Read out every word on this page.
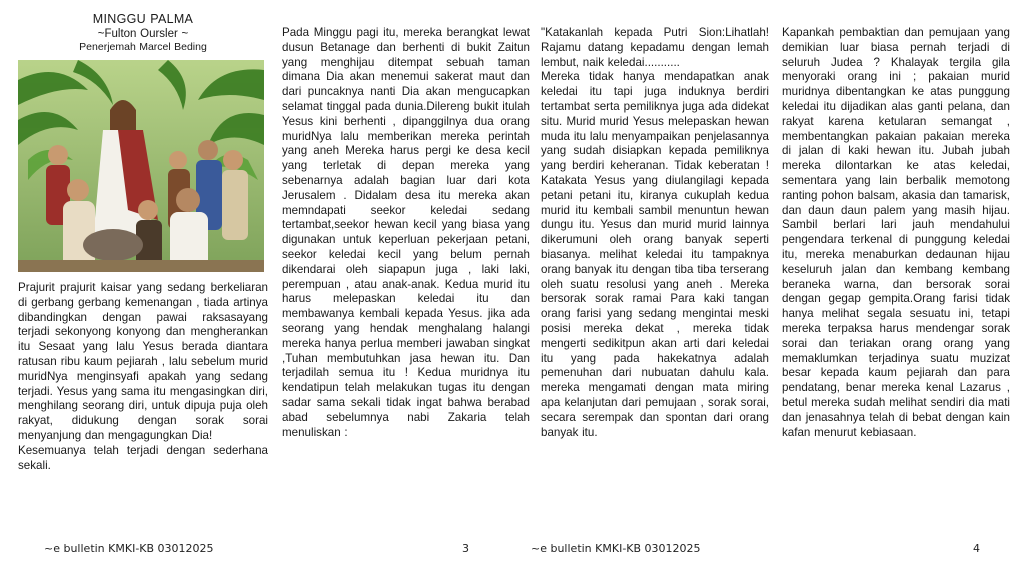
MINGGU PALMA
~Fulton Oursler ~
Penerjemah Marcel Beding

Prajurit prajurit kaisar yang sedang berkeliaran di gerbang gerbang kemenangan , tiada artinya dibandingkan dengan pawai raksasayang terjadi sekonyong konyong dan mengherankan itu Sesaat yang lalu Yesus berada diantara ratusan ribu kaum pejiarah , lalu sebelum murid muridNya menginsyafi apakah yang sedang terjadi. Yesus yang sama itu mengasingkan diri, menghilang seorang diri, untuk dipuja puja oleh rakyat, didukung dengan sorak sorai menyanjung dan mengagungkan Dia!
Kesemuanya telah terjadi dengan sederhana sekali.

Pada Minggu pagi itu, mereka berangkat lewat dusun Betanage dan berhenti di bukit Zaitun yang menghijau ditempat sebuah taman dimana Dia akan menemui sakerat maut dan dari puncaknya nanti Dia akan mengucapkan selamat tinggal pada dunia.Dilereng bukit itulah Yesus kini berhenti , dipanggilnya dua orang muridNya lalu memberikan mereka perintah yang aneh Mereka harus pergi ke desa kecil yang terletak di depan mereka yang sebenarnya adalah bagian luar dari kota Jerusalem . Didalam desa itu mereka akan memndapati seekor keledai sedang tertambat,seekor hewan kecil yang biasa yang digunakan untuk keperluan pekerjaan petani, seekor keledai kecil yang belum pernah dikendarai oleh siapapun juga , laki laki, perempuan , atau anak-anak. Kedua murid itu harus melepaskan keledai itu dan membawanya kembali kepada Yesus. jika ada seorang yang hendak menghalang halangi mereka hanya perlua memberi jawaban singkat ,Tuhan membutuhkan jasa hewan itu. Dan terjadilah semua itu ! Kedua muridnya itu kendatipun telah melakukan tugas itu dengan sadar sama sekali tidak ingat bahwa berabad abad sebelumnya nabi Zakaria telah menuliskan :

"Katakanlah kepada Putri Sion:Lihatlah! Rajamu datang kepadamu dengan lemah lembut, naik keledai...........
Mereka tidak hanya mendapatkan anak keledai itu tapi juga induknya berdiri tertambat serta pemiliknya juga ada didekat situ. Murid murid Yesus melepaskan hewan muda itu lalu menyampaikan penjelasannya yang sudah disiapkan kepada pemiliknya yang berdiri keheranan. Tidak keberatan ! Katakata Yesus yang diulangilagi kepada petani petani itu, kiranya cukuplah kedua murid itu kembali sambil menuntun hewan dungu itu. Yesus dan murid murid lainnya dikerumuni oleh orang banyak seperti biasanya. melihat keledai itu tampaknya orang banyak itu dengan tiba tiba terserang oleh suatu resolusi yang aneh . Mereka bersorak sorak ramai Para kaki tangan orang farisi yang sedang mengintai meski posisi mereka dekat , mereka tidak mengerti sedikitpun akan arti dari keledai itu yang pada hakekatnya adalah pemenuhan dari nubuatan dahulu kala. mereka mengamati dengan mata miring apa kelanjutan dari pemujaan , sorak sorai, secara serempak dan spontan dari orang banyak itu.

Kapankah pembaktian dan pemujaan yang demikian luar biasa pernah terjadi di seluruh Judea ? Khalayak tergila gila menyoraki orang ini ; pakaian murid muridnya dibentangkan ke atas punggung keledai itu dijadikan alas ganti pelana, dan rakyat karena ketularan semangat , membentangkan pakaian pakaian mereka di jalan di kaki hewan itu. Jubah jubah mereka dilontarkan ke atas keledai, sementara yang lain berbalik memotong ranting pohon balsam, akasia dan tamarisk, dan daun daun palem yang masih hijau. Sambil berlari lari jauh mendahului pengendara terkenal di punggung keledai itu, mereka menaburkan dedaunan hijau keseluruh jalan dan kembang kembang beraneka warna, dan bersorak sorai dengan gegap gempita.Orang farisi tidak hanya melihat segala sesuatu ini, tetapi mereka terpaksa harus mendengar sorak sorai dan teriakan orang orang yang memaklumkan terjadinya suatu muzizat besar kepada kaum pejiarah dan para pendatang, benar mereka kenal Lazarus , betul mereka sudah melihat sendiri dia mati dan jenasahnya telah di bebat dengan kain kafan menurut kebiasaan.

~e bulletin KMKI-KB 03012025	3	~e bulletin KMKI-KB 03012025	4
